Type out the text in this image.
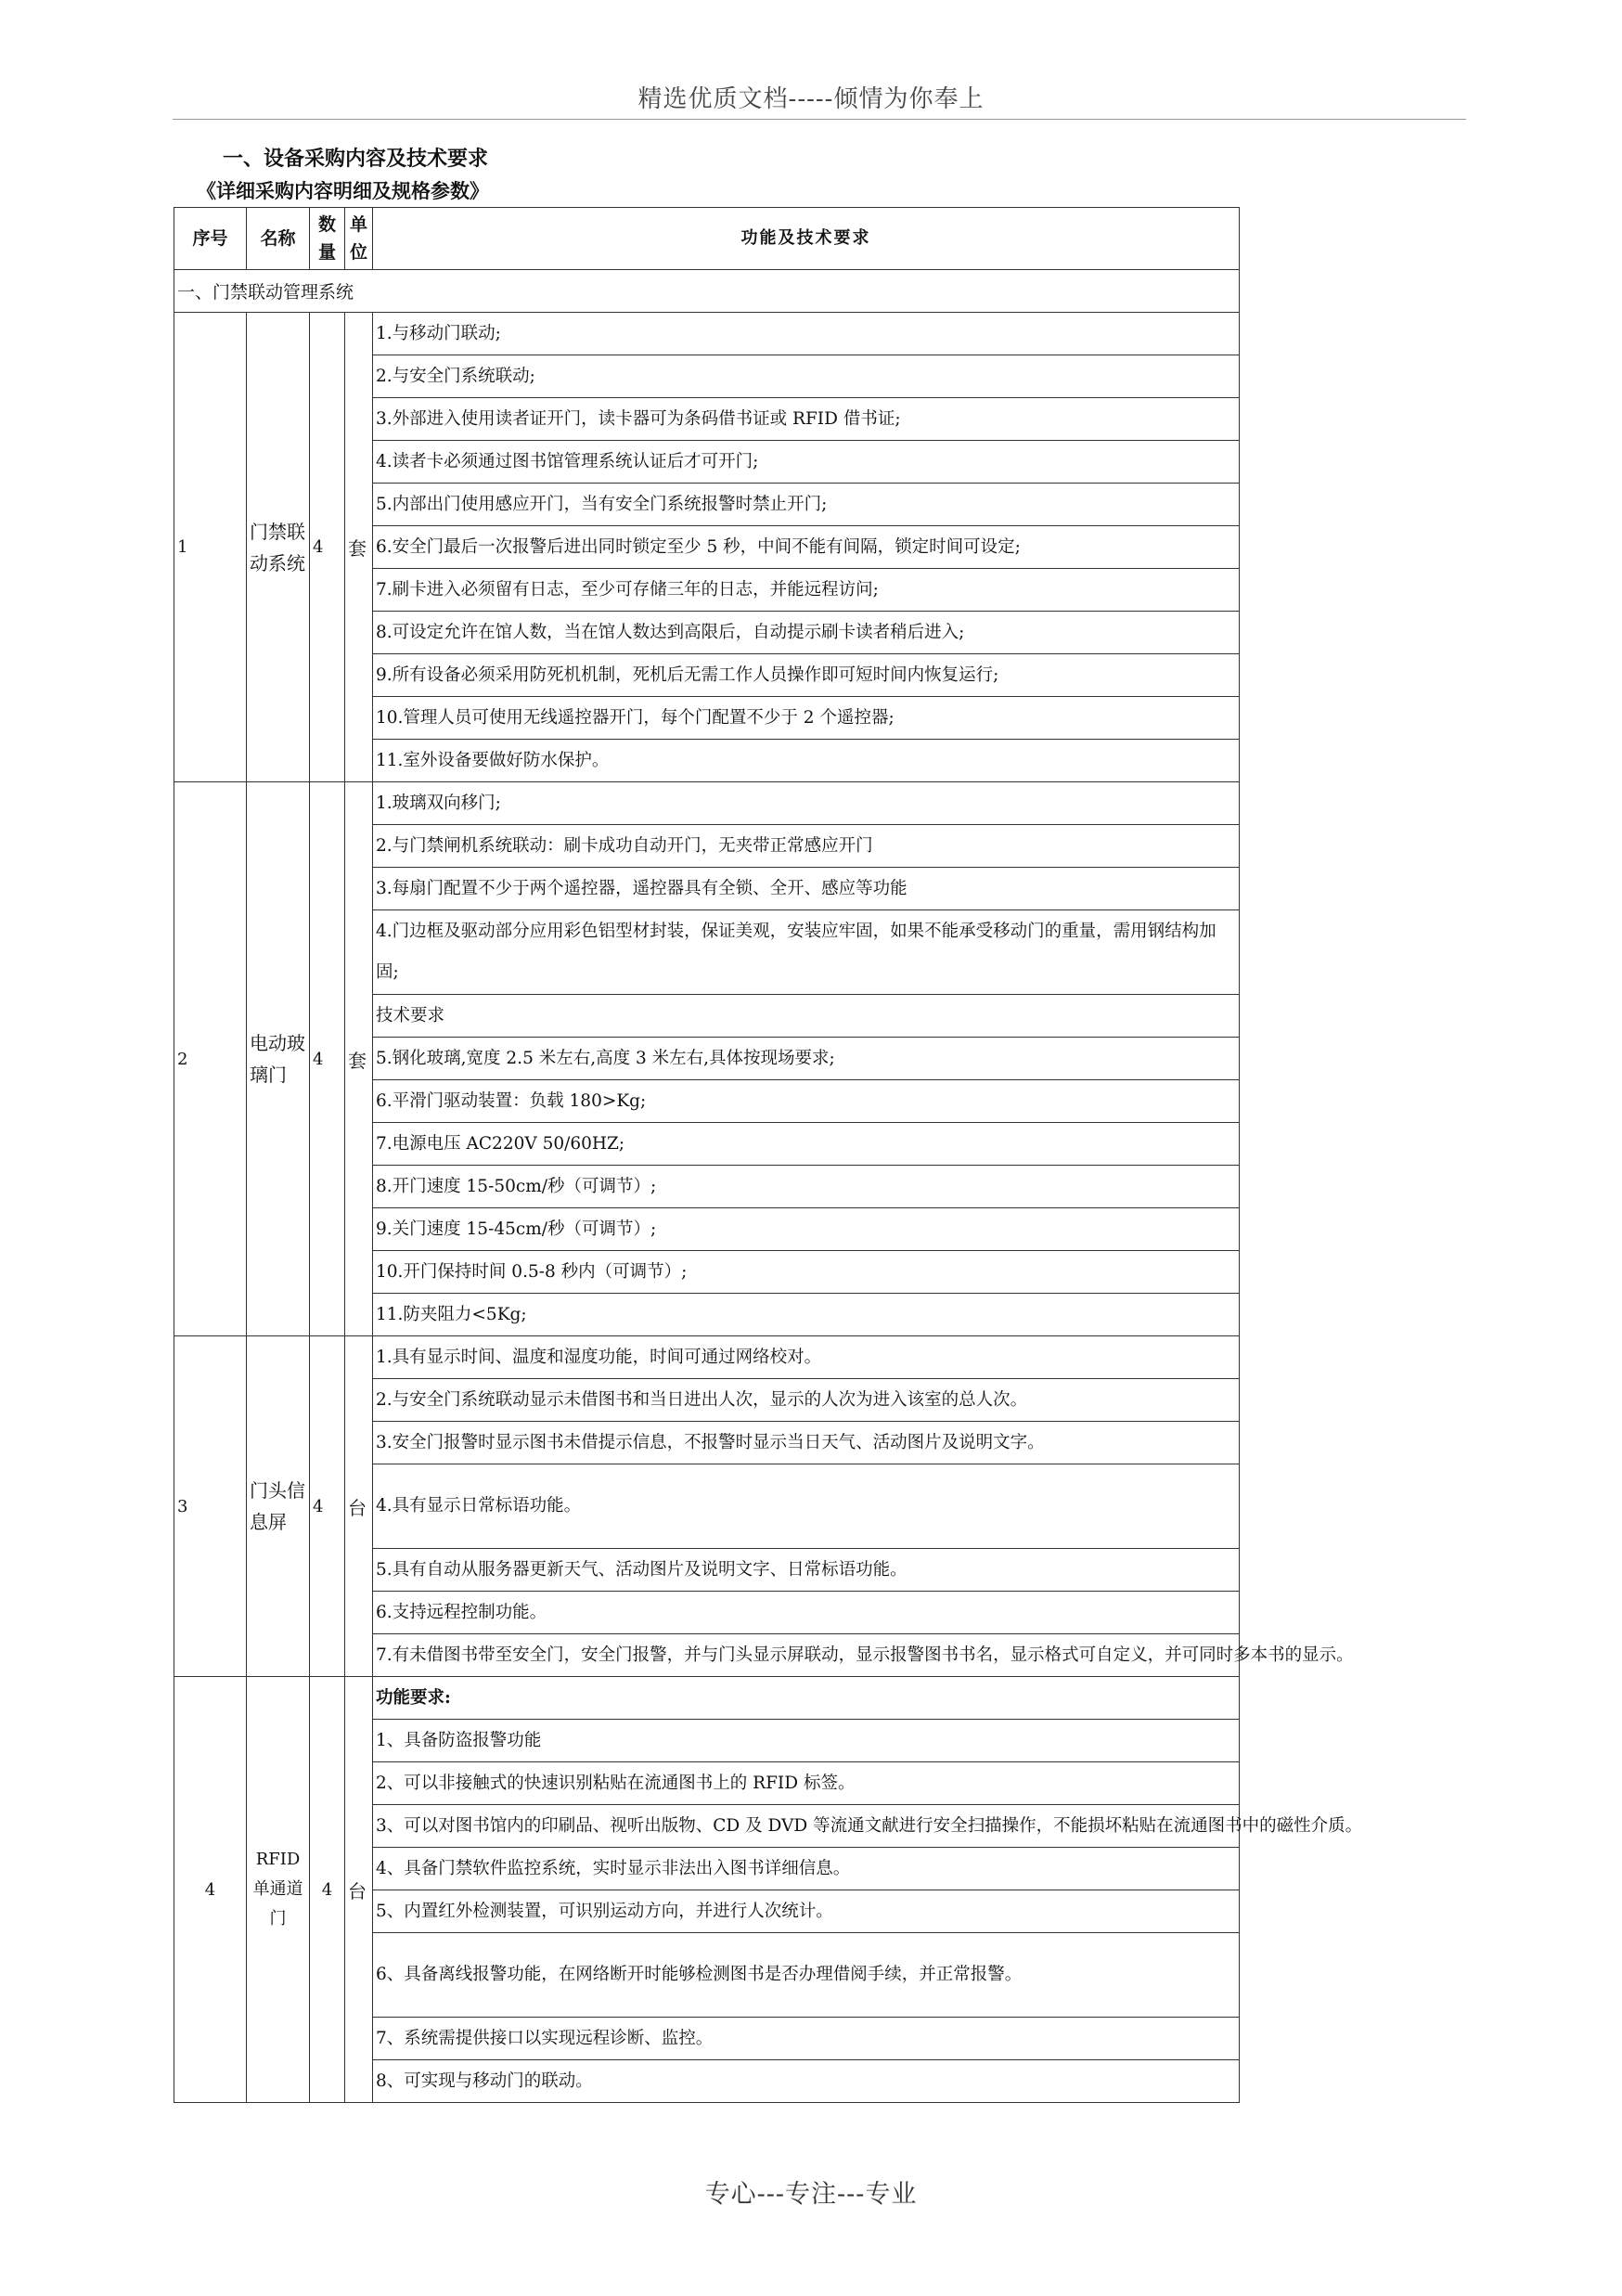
精选优质文档-----倾情为你奉上
一、设备采购内容及技术要求
《详细采购内容明细及规格参数》
序号	名称	数量	单位	功能及技术要求
一、门禁联动管理系统				
1	门禁联动系统	4	套	1.与移动门联动;
				2.与安全门系统联动;
				3.外部进入使用读者证开门，读卡器可为条码借书证或 RFID 借书证;
				4.读者卡必须通过图书馆管理系统认证后才可开门;
				5.内部出门使用感应开门，当有安全门系统报警时禁止开门;
				6.安全门最后一次报警后进出同时锁定至少 5 秒，中间不能有间隔，锁定时间可设定;
				7.刷卡进入必须留有日志，至少可存储三年的日志，并能远程访问;
				8.可设定允许在馆人数，当在馆人数达到高限后，自动提示刷卡读者稍后进入;
				9.所有设备必须采用防死机机制，死机后无需工作人员操作即可短时间内恢复运行;
				10.管理人员可使用无线遥控器开门，每个门配置不少于 2 个遥控器;
				11.室外设备要做好防水保护。
2	电动玻璃门	4	套	1.玻璃双向移门;
				2.与门禁闸机系统联动：刷卡成功自动开门，无夹带正常感应开门
				3.每扇门配置不少于两个遥控器，遥控器具有全锁、全开、感应等功能
				4.门边框及驱动部分应用彩色铝型材封装，保证美观，安装应牢固，如果不能承受移动门的重量，需用钢结构加固;
				技术要求
				5.钢化玻璃,宽度 2.5 米左右,高度 3 米左右,具体按现场要求;
				6.平滑门驱动装置：负载 180>Kg;
				7.电源电压 AC220V 50/60HZ;
				8.开门速度 15-50cm/秒（可调节）;
				9.关门速度 15-45cm/秒（可调节）;
				10.开门保持时间 0.5-8 秒内（可调节）;
				11.防夹阻力<5Kg;
3	门头信息屏	4	台	1.具有显示时间、温度和湿度功能，时间可通过网络校对。
				2.与安全门系统联动显示未借图书和当日进出人次，显示的人次为进入该室的总人次。
				3.安全门报警时显示图书未借提示信息，不报警时显示当日天气、活动图片及说明文字。
				4.具有显示日常标语功能。
				5.具有自动从服务器更新天气、活动图片及说明文字、日常标语功能。
				6.支持远程控制功能。
				7.有未借图书带至安全门，安全门报警，并与门头显示屏联动，显示报警图书书名，显示格式可自定义，并可同时多本书的显示。
4	RFID 单通道门	4	台	功能要求:
				1、具备防盗报警功能
				2、可以非接触式的快速识别粘贴在流通图书上的 RFID 标签。
				3、可以对图书馆内的印刷品、视听出版物、CD 及 DVD 等流通文献进行安全扫描操作，不能损坏粘贴在流通图书中的磁性介质。
				4、具备门禁软件监控系统，实时显示非法出入图书详细信息。
				5、内置红外检测装置，可识别运动方向，并进行人次统计。
				6、具备离线报警功能，在网络断开时能够检测图书是否办理借阅手续，并正常报警。
				7、系统需提供接口以实现远程诊断、监控。
				8、可实现与移动门的联动。
专心---专注---专业
